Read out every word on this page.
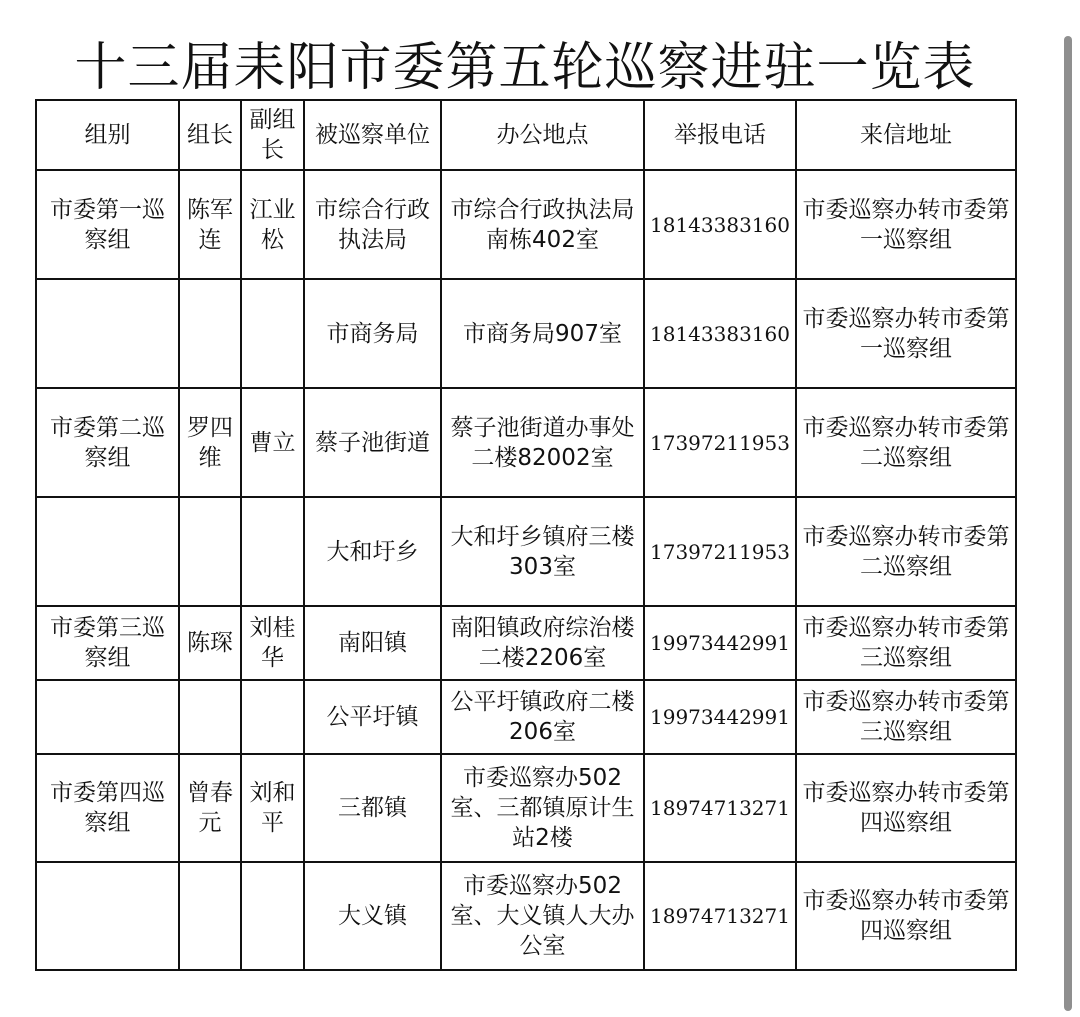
十三届耒阳市委第五轮巡察进驻一览表
组别	组长	副组长	被巡察单位	办公地点	举报电话	来信地址
市委第一巡察组	陈军连	江业松	市综合行政执法局	市综合行政执法局南栋402室	18143383160	市委巡察办转市委第一巡察组
			市商务局	市商务局907室	18143383160	市委巡察办转市委第一巡察组
市委第二巡察组	罗四维	曹立	蔡子池街道	蔡子池街道办事处二楼82002室	17397211953	市委巡察办转市委第二巡察组
			大和圩乡	大和圩乡镇府三楼303室	17397211953	市委巡察办转市委第二巡察组
市委第三巡察组	陈琛	刘桂华	南阳镇	南阳镇政府综治楼二楼2206室	19973442991	市委巡察办转市委第三巡察组
			公平圩镇	公平圩镇政府二楼206室	19973442991	市委巡察办转市委第三巡察组
市委第四巡察组	曾春元	刘和平	三都镇	市委巡察办502室、三都镇原计生站2楼	18974713271	市委巡察办转市委第四巡察组
			大义镇	市委巡察办502室、大义镇人大办公室	18974713271	市委巡察办转市委第四巡察组
